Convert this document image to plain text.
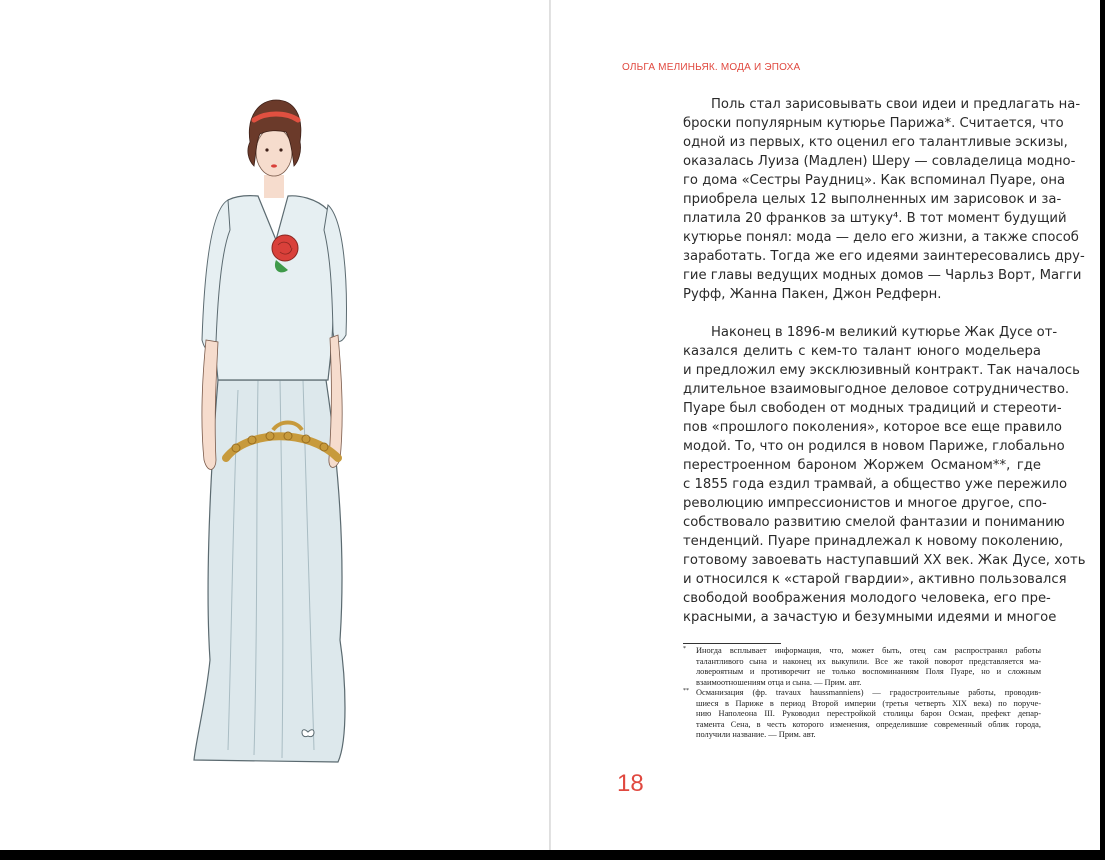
ОЛЬГА МЕЛИНЬЯК. МОДА И ЭПОХА

Поль стал зарисовывать свои идеи и предлагать на-
броски популярным кутюрье Парижа*. Считается, что
одной из первых, кто оценил его талантливые эскизы,
оказалась Луиза (Мадлен) Шеру — совладелица модно-
го дома «Сестры Раудниц». Как вспоминал Пуаре, она
приобрела целых 12 выполненных им зарисовок и за-
платила 20 франков за штуку⁴. В тот момент будущий
кутюрье понял: мода — дело его жизни, а также способ
заработать. Тогда же его идеями заинтересовались дру-
гие главы ведущих модных домов — Чарльз Ворт, Магги
Руфф, Жанна Пакен, Джон Редферн.

Наконец в 1896-м великий кутюрье Жак Дусе от-
казался делить с кем-то талант юного модельера
и предложил ему эксклюзивный контракт. Так началось
длительное взаимовыгодное деловое сотрудничество.
Пуаре был свободен от модных традиций и стереоти-
пов «прошлого поколения», которое все еще правило
модой. То, что он родился в новом Париже, глобально
перестроенном бароном Жоржем Османом**, где
с 1855 года ездил трамвай, а общество уже пережило
революцию импрессионистов и многое другое, спо-
собствовало развитию смелой фантазии и пониманию
тенденций. Пуаре принадлежал к новому поколению,
готовому завоевать наступавший XX век. Жак Дусе, хоть
и относился к «старой гвардии», активно пользовался
свободой воображения молодого человека, его пре-
красными, а зачастую и безумными идеями и многое

* Иногда всплывает информация, что, может быть, отец сам распространял работы
талантливого сына и наконец их выкупили. Все же такой поворот представляется ма-
ловероятным и противоречит не только воспоминаниям Поля Пуаре, но и сложным
взаимоотношениям отца и сына. — Прим. авт.
** Османизация (фр. travaux haussmanniens) — градостроительные работы, проводив-
шиеся в Париже в период Второй империи (третья четверть XIX века) по поруче-
нию Наполеона III. Руководил перестройкой столицы барон Осман, префект депар-
тамента Сена, в честь которого изменения, определившие современный облик города,
получили название. — Прим. авт.
18
